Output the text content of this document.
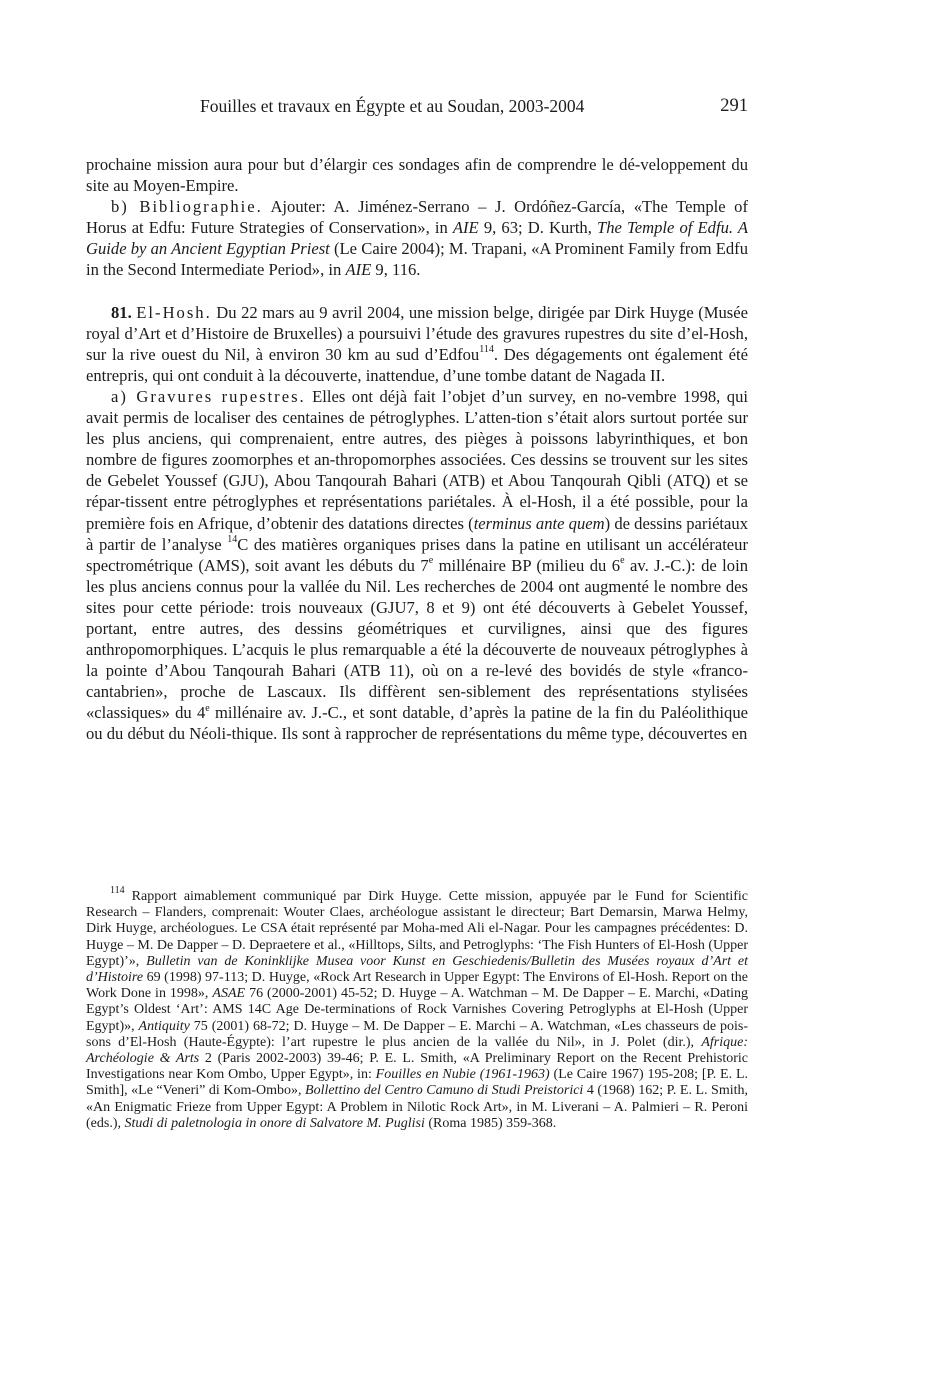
Fouilles et travaux en Égypte et au Soudan, 2003-2004	291

prochaine mission aura pour but d’élargir ces sondages afin de comprendre le dé-veloppement du site au Moyen-Empire.

b) Bibliographie. Ajouter: A. Jiménez-Serrano – J. Ordóñez-García, «The Temple of Horus at Edfu: Future Strategies of Conservation», in AIE 9, 63; D. Kurth, The Temple of Edfu. A Guide by an Ancient Egyptian Priest (Le Caire 2004); M. Trapani, «A Prominent Family from Edfu in the Second Intermediate Period», in AIE 9, 116.

81. El-Hosh. Du 22 mars au 9 avril 2004, une mission belge, dirigée par Dirk Huyge (Musée royal d’Art et d’Histoire de Bruxelles) a poursuivi l’étude des gravures rupestres du site d’el-Hosh, sur la rive ouest du Nil, à environ 30 km au sud d’Edfou$^{114}$. Des dégagements ont également été entrepris, qui ont conduit à la découverte, inattendue, d’une tombe datant de Nagada II.

a) Gravures rupestres. Elles ont déjà fait l’objet d’un survey, en no-vembre 1998, qui avait permis de localiser des centaines de pétroglyphes. L’atten-tion s’était alors surtout portée sur les plus anciens, qui comprenaient, entre autres, des pièges à poissons labyrinthiques, et bon nombre de figures zoomorphes et an-thropomorphes associées. Ces dessins se trouvent sur les sites de Gebelet Youssef (GJU), Abou Tanqourah Bahari (ATB) et Abou Tanqourah Qibli (ATQ) et se répar-tissent entre pétroglyphes et représentations pariétales. À el-Hosh, il a été possible, pour la première fois en Afrique, d’obtenir des datations directes (terminus ante quem) de dessins pariétaux à partir de l’analyse $^{14}$C des matières organiques prises dans la patine en utilisant un accélérateur spectrométrique (AMS), soit avant les débuts du 7e millénaire BP (milieu du 6e av. J.-C.): de loin les plus anciens connus pour la vallée du Nil. Les recherches de 2004 ont augmenté le nombre des sites pour cette période: trois nouveaux (GJU7, 8 et 9) ont été découverts à Gebelet Youssef, portant, entre autres, des dessins géométriques et curvilignes, ainsi que des figures anthropomorphiques. L’acquis le plus remarquable a été la découverte de nouveaux pétroglyphes à la pointe d’Abou Tanqourah Bahari (ATB 11), où on a re-levé des bovidés de style «franco-cantabrien», proche de Lascaux. Ils diffèrent sen-siblement des représentations stylisées «classiques» du 4e millénaire av. J.-C., et sont datable, d’après la patine de la fin du Paléolithique ou du début du Néoli-thique. Ils sont à rapprocher de représentations du même type, découvertes en

$^{114}$ Rapport aimablement communiqué par Dirk Huyge. Cette mission, appuyée par le Fund for Scientific Research – Flanders, comprenait: Wouter Claes, archéologue assistant le directeur; Bart Demarsin, Marwa Helmy, Dirk Huyge, archéologues. Le CSA était représenté par Moha-med Ali el-Nagar. Pour les campagnes précédentes: D. Huyge – M. De Dapper – D. Depraetere et al., «Hilltops, Silts, and Petroglyphs: ‘The Fish Hunters of El-Hosh (Upper Egypt)’», Bulletin van de Koninklijke Musea voor Kunst en Geschiedenis/Bulletin des Musées royaux d’Art et d’Histoire 69 (1998) 97-113; D. Huyge, «Rock Art Research in Upper Egypt: The Environs of El-Hosh. Report on the Work Done in 1998», ASAE 76 (2000-2001) 45-52; D. Huyge – A. Watchman – M. De Dapper – E. Marchi, «Dating Egypt’s Oldest ‘Art’: AMS 14C Age De-terminations of Rock Varnishes Covering Petroglyphs at El-Hosh (Upper Egypt)», Antiquity 75 (2001) 68-72; D. Huyge – M. De Dapper – E. Marchi – A. Watchman, «Les chasseurs de pois-sons d’El-Hosh (Haute-Égypte): l’art rupestre le plus ancien de la vallée du Nil», in J. Polet (dir.), Afrique: Archéologie & Arts 2 (Paris 2002-2003) 39-46; P. E. L. Smith, «A Preliminary Report on the Recent Prehistoric Investigations near Kom Ombo, Upper Egypt», in: Fouilles en Nubie (1961-1963) (Le Caire 1967) 195-208; [P. E. L. Smith], «Le “Veneri” di Kom-Ombo», Bollettino del Centro Camuno di Studi Preistorici 4 (1968) 162; P. E. L. Smith, «An Enigmatic Frieze from Upper Egypt: A Problem in Nilotic Rock Art», in M. Liverani – A. Palmieri – R. Peroni (eds.), Studi di paletnologia in onore di Salvatore M. Puglisi (Roma 1985) 359-368.
